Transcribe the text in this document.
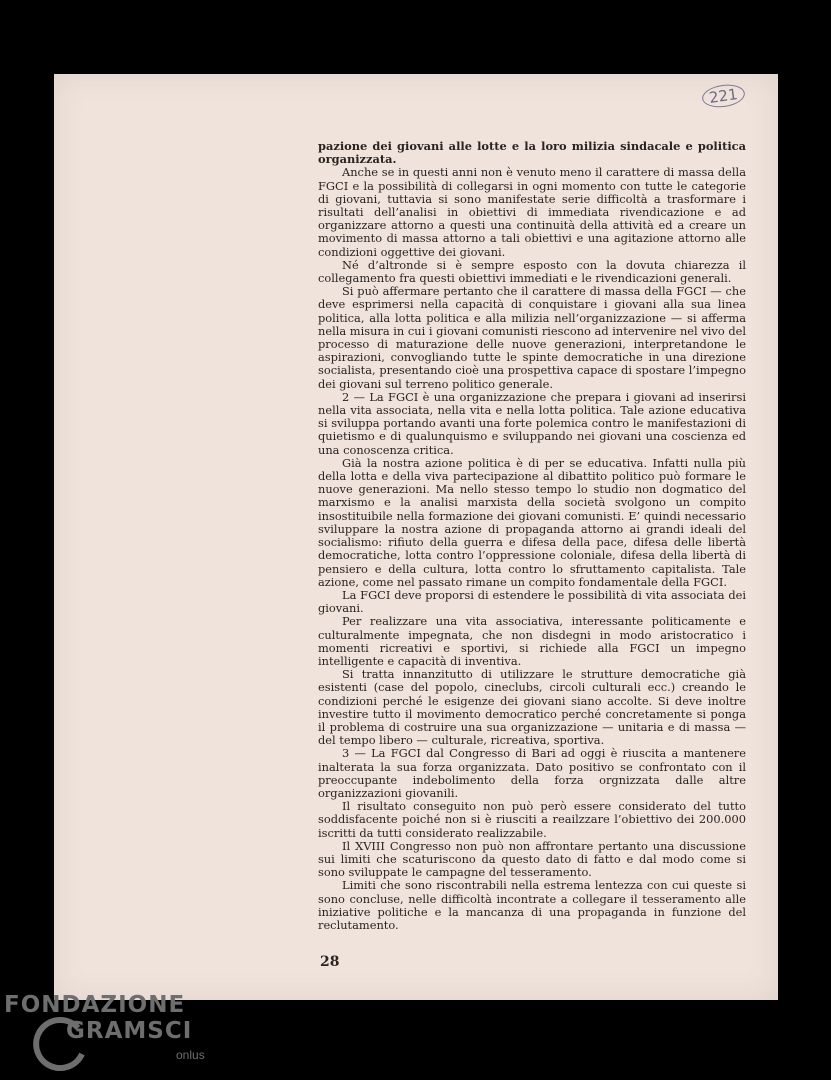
221

pazione dei giovani alle lotte e la loro milizia sindacale e politica organizzata.

Anche se in questi anni non è venuto meno il carattere di massa della FGCI e la possibilità di collegarsi in ogni momento con tutte le categorie di giovani, tuttavia si sono manifestate serie difficoltà a trasformare i risultati dell’analisi in obiettivi di immediata rivendicazione e ad organizzare attorno a questi una continuità della attività ed a creare un movimento di massa attorno a tali obiettivi e una agitazione attorno alle condizioni oggettive dei giovani.

Né d’altronde si è sempre esposto con la dovuta chiarezza il collegamento fra questi obiettivi immediati e le rivendicazioni generali.

Si può affermare pertanto che il carattere di massa della FGCI — che deve esprimersi nella capacità di conquistare i giovani alla sua linea politica, alla lotta politica e alla milizia nell’organizzazione — si afferma nella misura in cui i giovani comunisti riescono ad intervenire nel vivo del processo di maturazione delle nuove generazioni, interpretandone le aspirazioni, convogliando tutte le spinte democratiche in una direzione socialista, presentando cioè una prospettiva capace di spostare l’impegno dei giovani sul terreno politico generale.

2 — La FGCI è una organizzazione che prepara i giovani ad inserirsi nella vita associata, nella vita e nella lotta politica. Tale azione educativa si sviluppa portando avanti una forte polemica contro le manifestazioni di quietismo e di qualunquismo e sviluppando nei giovani una coscienza ed una conoscenza critica.

Già la nostra azione politica è di per se educativa. Infatti nulla più della lotta e della viva partecipazione al dibattito politico può formare le nuove generazioni. Ma nello stesso tempo lo studio non dogmatico del marxismo e la analisi marxista della società svolgono un compito insostituibile nella formazione dei giovani comunisti. E’ quindi necessario sviluppare la nostra azione di propaganda attorno ai grandi ideali del socialismo: rifiuto della guerra e difesa della pace, difesa delle libertà democratiche, lotta contro l’oppressione coloniale, difesa della libertà di pensiero e della cultura, lotta contro lo sfruttamento capitalista. Tale azione, come nel passato rimane un compito fondamentale della FGCI.

La FGCI deve proporsi di estendere le possibilità di vita associata dei giovani.

Per realizzare una vita associativa, interessante politicamente e culturalmente impegnata, che non disdegni in modo aristocratico i momenti ricreativi e sportivi, si richiede alla FGCI un impegno intelligente e capacità di inventiva.

Si tratta innanzitutto di utilizzare le strutture democratiche già esistenti (case del popolo, cineclubs, circoli culturali ecc.) creando le condizioni perché le esigenze dei giovani siano accolte. Si deve inoltre investire tutto il movimento democratico perché concretamente si ponga il problema di costruire una sua organizzazione — unitaria e di massa — del tempo libero — culturale, ricreativa, sportiva.

3 — La FGCI dal Congresso di Bari ad oggi è riuscita a mantenere inalterata la sua forza organizzata. Dato positivo se confrontato con il preoccupante indebolimento della forza orgnizzata dalle altre organizzazioni giovanili.

Il risultato conseguito non può però essere considerato del tutto soddisfacente poiché non si è riusciti a reailzzare l’obiettivo dei 200.000 iscritti da tutti considerato realizzabile.

Il XVIII Congresso non può non affrontare pertanto una discussione sui limiti che scaturiscono da questo dato di fatto e dal modo come si sono sviluppate le campagne del tesseramento.

Limiti che sono riscontrabili nella estrema lentezza con cui queste si sono concluse, nelle difficoltà incontrate a collegare il tesseramento alle iniziative politiche e la mancanza di una propaganda in funzione del reclutamento.

28
FONDAZIONE
GRAMSCI
onlus
